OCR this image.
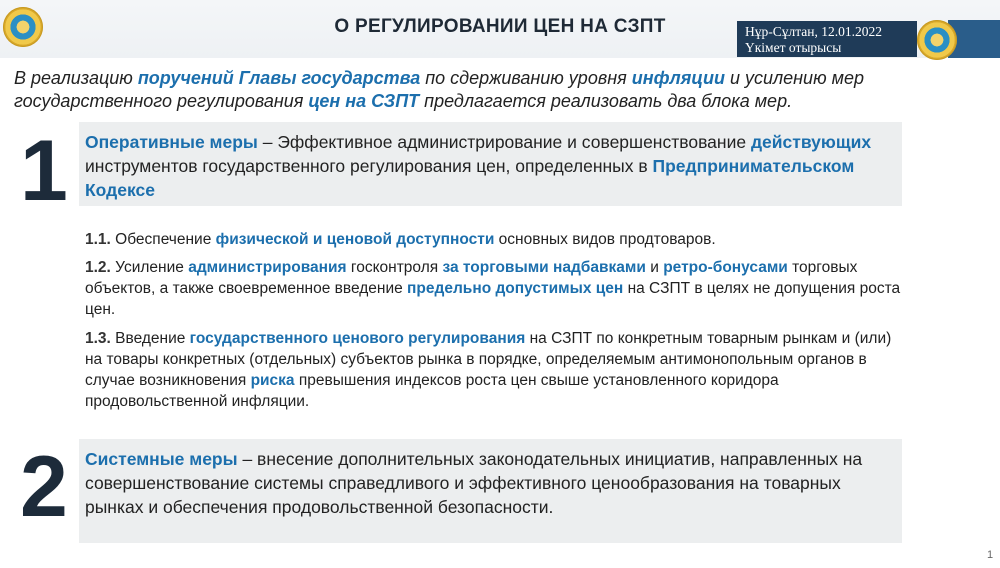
О РЕГУЛИРОВАНИИ ЦЕН НА СЗПТ	Нұр-Сұлтан, 12.01.2022
Үкімет отырысы
В реализацию поручений Главы государства по сдерживанию уровня инфляции и усилению мер государственного регулирования цен на СЗПТ предлагается реализовать два блока мер.
1 Оперативные меры – Эффективное администрирование и совершенствование действующих инструментов государственного регулирования цен, определенных в Предпринимательском Кодексе
1.1. Обеспечение физической и ценовой доступности основных видов продтоваров.
1.2. Усиление администрирования госконтроля за торговыми надбавками и ретро-бонусами торговых объектов, а также своевременное введение предельно допустимых цен на СЗПТ в целях не допущения роста цен.
1.3. Введение государственного ценового регулирования на СЗПТ по конкретным товарным рынкам и (или) на товары конкретных (отдельных) субъектов рынка в порядке, определяемым антимонопольным органов в случае возникновения риска превышения индексов роста цен свыше установленного коридора продовольственной инфляции.
2 Системные меры – внесение дополнительных законодательных инициатив, направленных на совершенствование системы справедливого и эффективного ценообразования на товарных рынках и обеспечения продовольственной безопасности.
1
